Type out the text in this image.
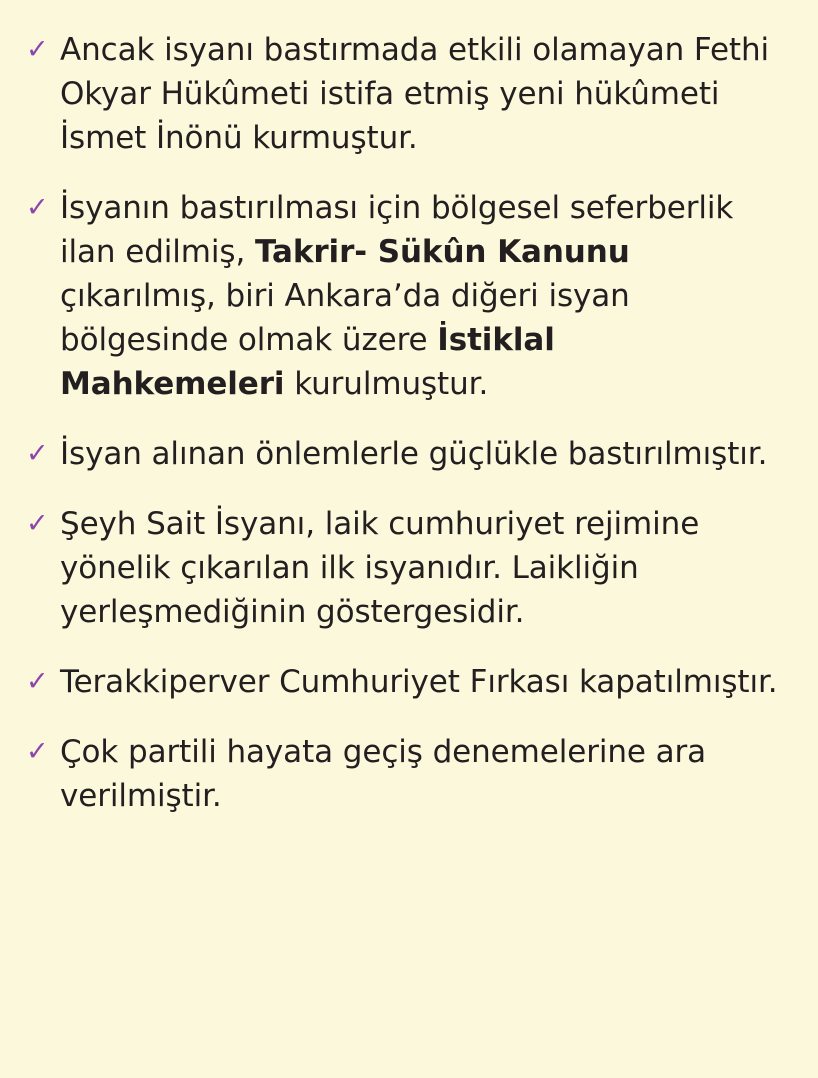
✓ Ancak isyanı bastırmada etkili olamayan Fethi Okyar Hükûmeti istifa etmiş yeni hükûmeti İsmet İnönü kurmuştur.
✓ İsyanın bastırılması için bölgesel seferberlik ilan edilmiş, Takrir- Sükûn Kanunu çıkarılmış, biri Ankara’da diğeri isyan bölgesinde olmak üzere İstiklal Mahkemeleri kurulmuştur.
✓ İsyan alınan önlemlerle güçlükle bastırılmıştır.
✓ Şeyh Sait İsyanı, laik cumhuriyet rejimine yönelik çıkarılan ilk isyanıdır. Laikliğin yerleşmediğinin göstergesidir.
✓ Terakkiperver Cumhuriyet Fırkası kapatılmıştır.
✓ Çok partili hayata geçiş denemelerine ara verilmiştir.
